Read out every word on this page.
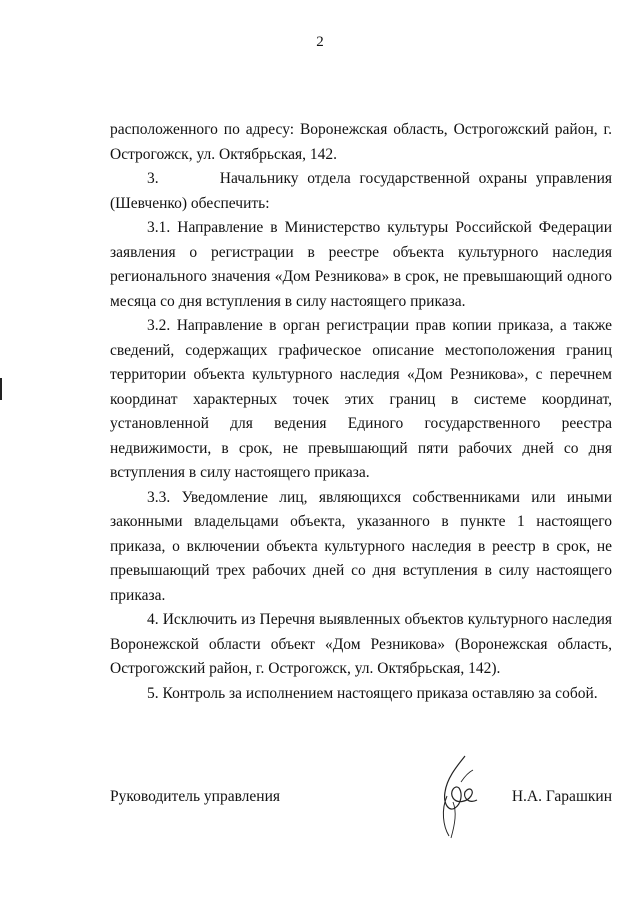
2

расположенного по адресу: Воронежская область, Острогожский район, г. Острогожск, ул. Октябрьская, 142.

3.       Начальнику отдела государственной охраны управления (Шевченко) обеспечить:

3.1. Направление в Министерство культуры Российской Федерации заявления о регистрации в реестре объекта культурного наследия регионального значения «Дом Резникова» в срок, не превышающий одного месяца со дня вступления в силу настоящего приказа.

3.2. Направление в орган регистрации прав копии приказа, а также сведений, содержащих графическое описание местоположения границ территории объекта культурного наследия «Дом Резникова», с перечнем координат характерных точек этих границ в системе координат, установленной для ведения Единого государственного реестра недвижимости, в срок, не превышающий пяти рабочих дней со дня вступления в силу настоящего приказа.

3.3. Уведомление лиц, являющихся собственниками или иными законными владельцами объекта, указанного в пункте 1 настоящего приказа, о включении объекта культурного наследия в реестр в срок, не превышающий трех рабочих дней со дня вступления в силу настоящего приказа.

4. Исключить из Перечня выявленных объектов культурного наследия Воронежской области объект «Дом Резникова» (Воронежская область, Острогожский район, г. Острогожск, ул. Октябрьская, 142).

5. Контроль за исполнением настоящего приказа оставляю за собой.

Руководитель управления	Н.А. Гарашкин
